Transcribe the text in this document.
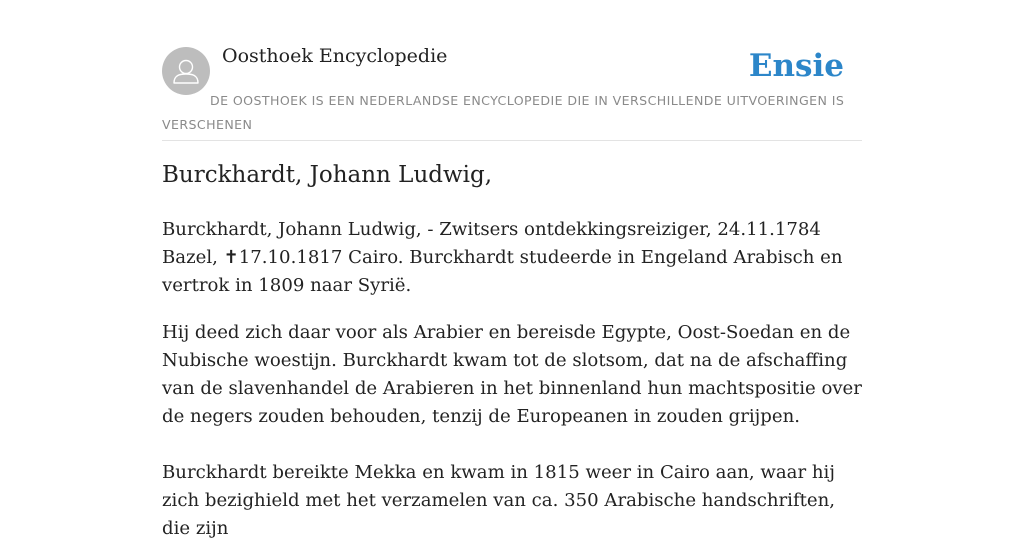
Oosthoek Encyclopedie	Ensie
DE OOSTHOEK IS EEN NEDERLANDSE ENCYCLOPEDIE DIE IN VERSCHILLENDE UITVOERINGEN IS VERSCHENEN
Burckhardt, Johann Ludwig,

Burckhardt, Johann Ludwig, - Zwitsers ontdekkingsreiziger, 24.11.1784 Bazel, ✝17.10.1817 Cairo. Burckhardt studeerde in Engeland Arabisch en vertrok in 1809 naar Syrië.

Hij deed zich daar voor als Arabier en bereisde Egypte, Oost-Soedan en de Nubische woestijn. Burckhardt kwam tot de slotsom, dat na de afschaffing van de slavenhandel de Arabieren in het binnenland hun machtspositie over de negers zouden behouden, tenzij de Europeanen in zouden grijpen.

Burckhardt bereikte Mekka en kwam in 1815 weer in Cairo aan, waar hij zich bezighield met het verzamelen van ca. 350 Arabische handschriften, die zijn
